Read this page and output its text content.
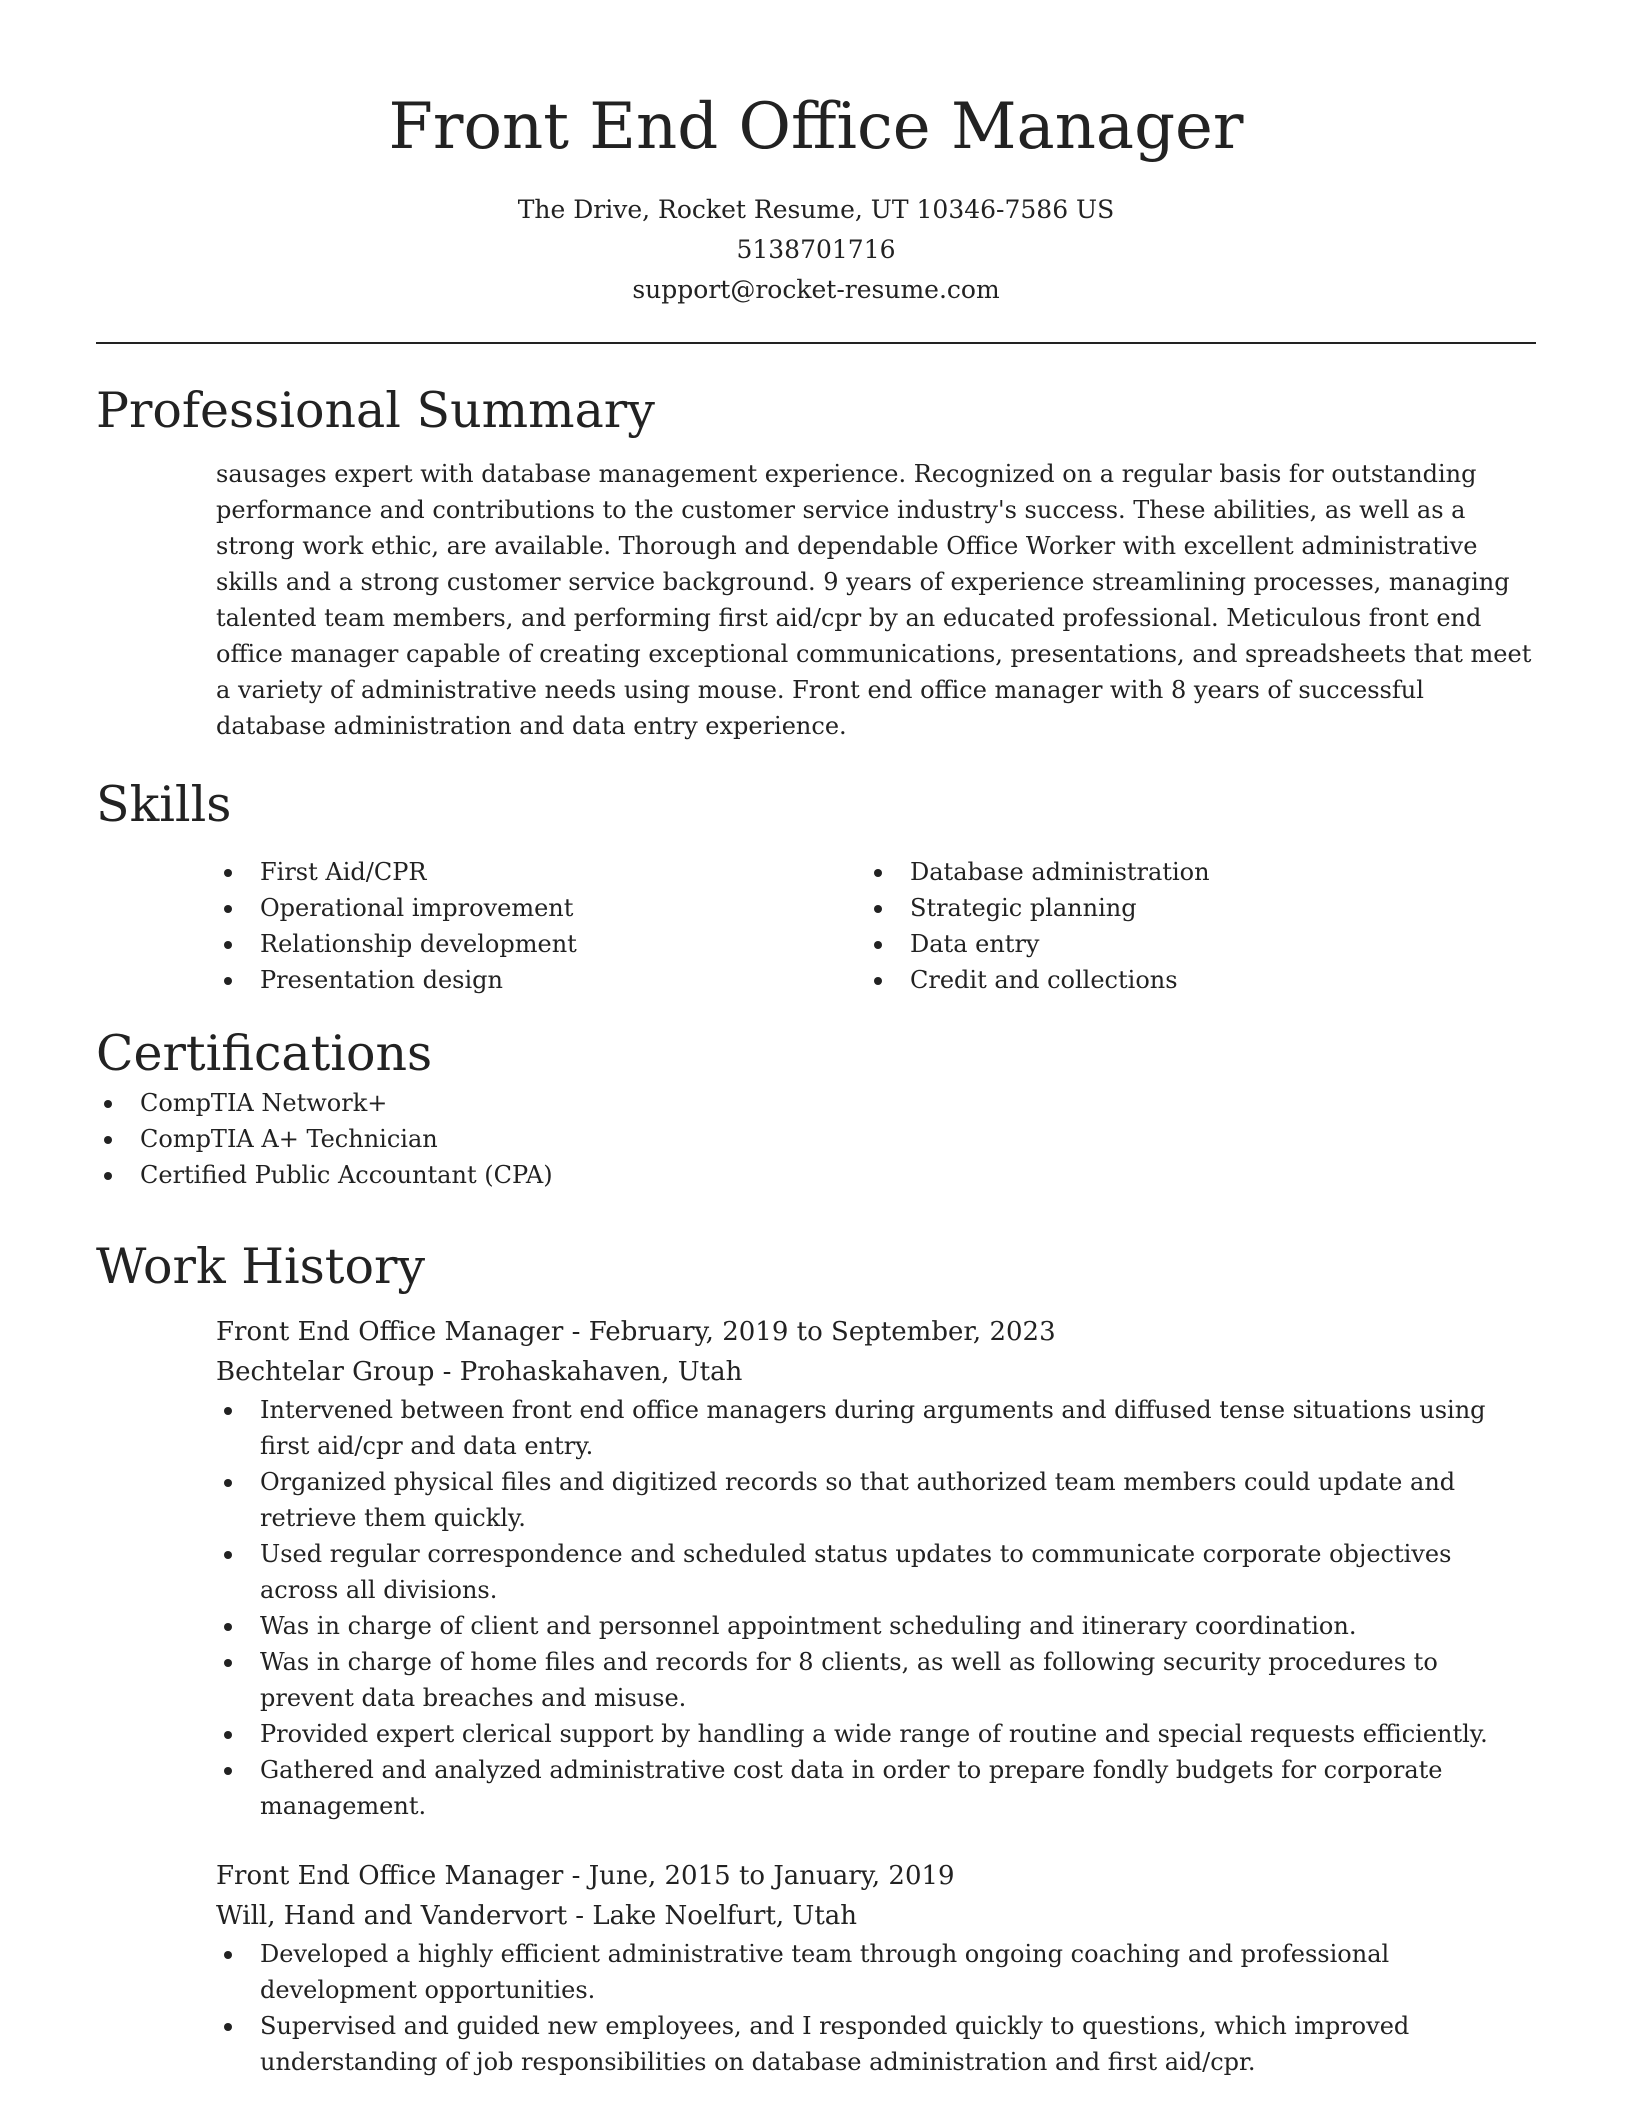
Front End Office Manager
The Drive, Rocket Resume, UT 10346-7586 US
5138701716
support@rocket-resume.com
Professional Summary
sausages expert with database management experience. Recognized on a regular basis for outstanding performance and contributions to the customer service industry's success. These abilities, as well as a strong work ethic, are available. Thorough and dependable Office Worker with excellent administrative skills and a strong customer service background. 9 years of experience streamlining processes, managing talented team members, and performing first aid/cpr by an educated professional. Meticulous front end office manager capable of creating exceptional communications, presentations, and spreadsheets that meet a variety of administrative needs using mouse. Front end office manager with 8 years of successful database administration and data entry experience.
Skills
First Aid/CPR
Operational improvement
Relationship development
Presentation design
Database administration
Strategic planning
Data entry
Credit and collections
Certifications
CompTIA Network+
CompTIA A+ Technician
Certified Public Accountant (CPA)
Work History
Front End Office Manager - February, 2019 to September, 2023
Bechtelar Group - Prohaskahaven, Utah
Intervened between front end office managers during arguments and diffused tense situations using first aid/cpr and data entry.
Organized physical files and digitized records so that authorized team members could update and retrieve them quickly.
Used regular correspondence and scheduled status updates to communicate corporate objectives across all divisions.
Was in charge of client and personnel appointment scheduling and itinerary coordination.
Was in charge of home files and records for 8 clients, as well as following security procedures to prevent data breaches and misuse.
Provided expert clerical support by handling a wide range of routine and special requests efficiently.
Gathered and analyzed administrative cost data in order to prepare fondly budgets for corporate management.
Front End Office Manager - June, 2015 to January, 2019
Will, Hand and Vandervort - Lake Noelfurt, Utah
Developed a highly efficient administrative team through ongoing coaching and professional development opportunities.
Supervised and guided new employees, and I responded quickly to questions, which improved understanding of job responsibilities on database administration and first aid/cpr.
